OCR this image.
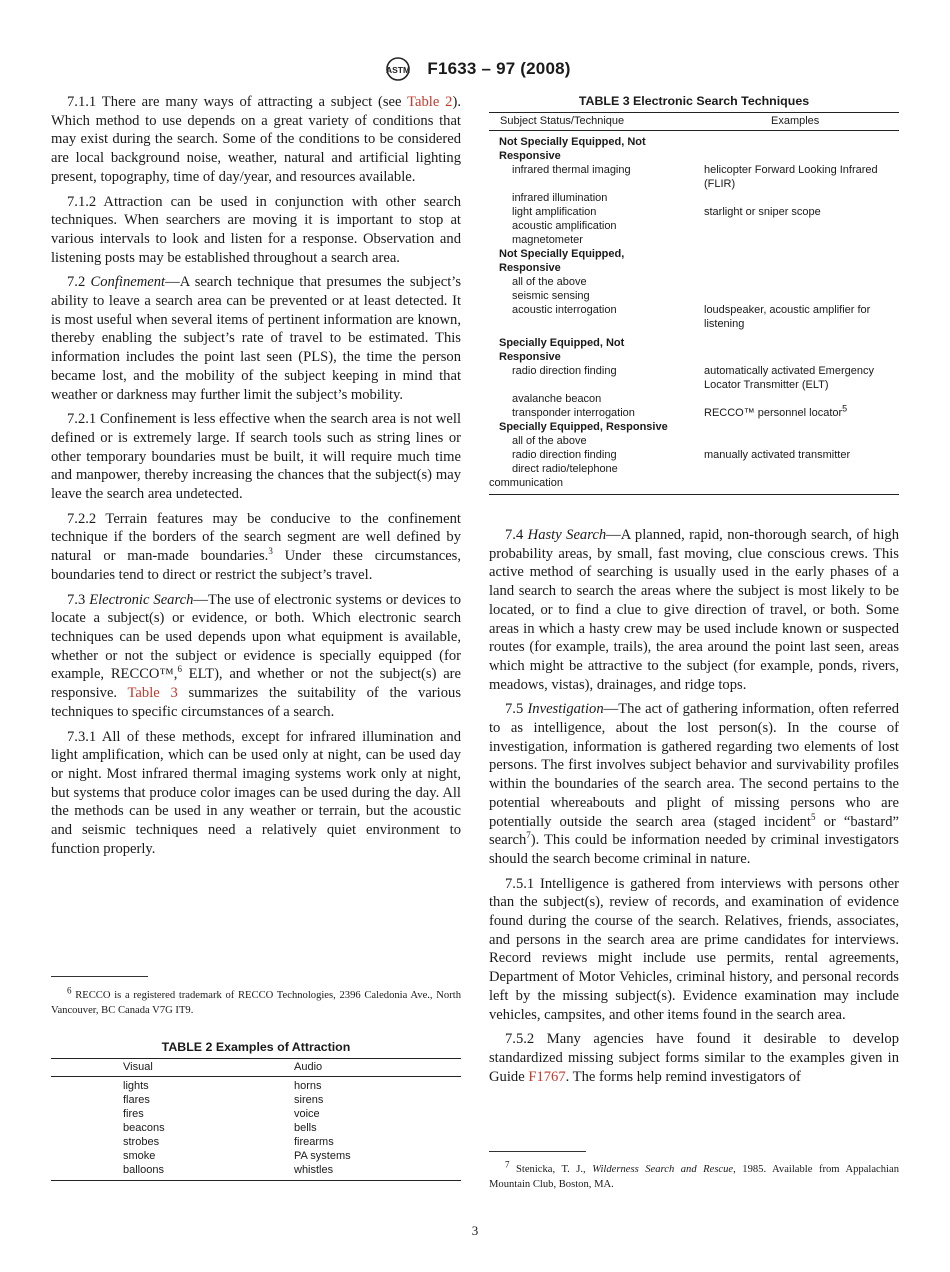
ASTM F1633 – 97 (2008)

7.1.1 There are many ways of attracting a subject (see Table 2). Which method to use depends on a great variety of conditions that may exist during the search. Some of the conditions to be considered are local background noise, weather, natural and artificial lighting present, topography, time of day/year, and resources available.

7.1.2 Attraction can be used in conjunction with other search techniques. When searchers are moving it is important to stop at various intervals to look and listen for a response. Observation and listening posts may be established throughout a search area.

7.2 Confinement—A search technique that presumes the subject’s ability to leave a search area can be prevented or at least detected. It is most useful when several items of pertinent information are known, thereby enabling the subject’s rate of travel to be estimated. This information includes the point last seen (PLS), the time the person became lost, and the mobility of the subject keeping in mind that weather or darkness may further limit the subject’s mobility.

7.2.1 Confinement is less effective when the search area is not well defined or is extremely large. If search tools such as string lines or other temporary boundaries must be built, it will require much time and manpower, thereby increasing the chances that the subject(s) may leave the search area undetected.

7.2.2 Terrain features may be conducive to the confinement technique if the borders of the search segment are well defined by natural or man-made boundaries.$^3$ Under these circumstances, boundaries tend to direct or restrict the subject’s travel.

7.3 Electronic Search—The use of electronic systems or devices to locate a subject(s) or evidence, or both. Which electronic search techniques can be used depends upon what equipment is available, whether or not the subject or evidence is specially equipped (for example, RECCO™,$^6$ ELT), and whether or not the subject(s) are responsive. Table 3 summarizes the suitability of the various techniques to specific circumstances of a search.

7.3.1 All of these methods, except for infrared illumination and light amplification, which can be used only at night, can be used day or night. Most infrared thermal imaging systems work only at night, but systems that produce color images can be used during the day. All the methods can be used in any weather or terrain, but the acoustic and seismic techniques need a relatively quiet environment to function properly.

$^6$ RECCO is a registered trademark of RECCO Technologies, 2396 Caledonia Ave., North Vancouver, BC Canada V7G IT9.
TABLE 2 Examples of Attraction
Visual	Audio
lights	horns
flares	sirens
fires	voice
beacons	bells
strobes	firearms
smoke	PA systems
balloons	whistles
TABLE 3 Electronic Search Techniques
Subject Status/Technique	Examples
Not Specially Equipped, Not Responsive
infrared thermal imaging	helicopter Forward Looking Infrared (FLIR)
infrared illumination
light amplification	starlight or sniper scope
acoustic amplification
magnetometer
Not Specially Equipped, Responsive
all of the above
seismic sensing
acoustic interrogation	loudspeaker, acoustic amplifier for listening
Specially Equipped, Not Responsive
radio direction finding	automatically activated Emergency Locator Transmitter (ELT)
avalanche beacon
transponder interrogation	RECCO™ personnel locator$^5$
Specially Equipped, Responsive
all of the above
radio direction finding	manually activated transmitter
direct radio/telephone communication

7.4 Hasty Search—A planned, rapid, non-thorough search, of high probability areas, by small, fast moving, clue conscious crews. This active method of searching is usually used in the early phases of a land search to search the areas where the subject is most likely to be located, or to find a clue to give direction of travel, or both. Some areas in which a hasty crew may be used include known or suspected routes (for example, trails), the area around the point last seen, areas which might be attractive to the subject (for example, ponds, rivers, meadows, vistas), drainages, and ridge tops.

7.5 Investigation—The act of gathering information, often referred to as intelligence, about the lost person(s). In the course of investigation, information is gathered regarding two elements of lost persons. The first involves subject behavior and survivability profiles within the boundaries of the search area. The second pertains to the potential whereabouts and plight of missing persons who are potentially outside the search area (staged incident$^5$ or “bastard” search$^7$). This could be information needed by criminal investigators should the search become criminal in nature.

7.5.1 Intelligence is gathered from interviews with persons other than the subject(s), review of records, and examination of evidence found during the course of the search. Relatives, friends, associates, and persons in the search area are prime candidates for interviews. Record reviews might include use permits, rental agreements, Department of Motor Vehicles, criminal history, and personal records left by the missing subject(s). Evidence examination may include vehicles, campsites, and other items found in the search area.

7.5.2 Many agencies have found it desirable to develop standardized missing subject forms similar to the examples given in Guide F1767. The forms help remind investigators of

$^7$ Stenicka, T. J., Wilderness Search and Rescue, 1985. Available from Appalachian Mountain Club, Boston, MA.
3
